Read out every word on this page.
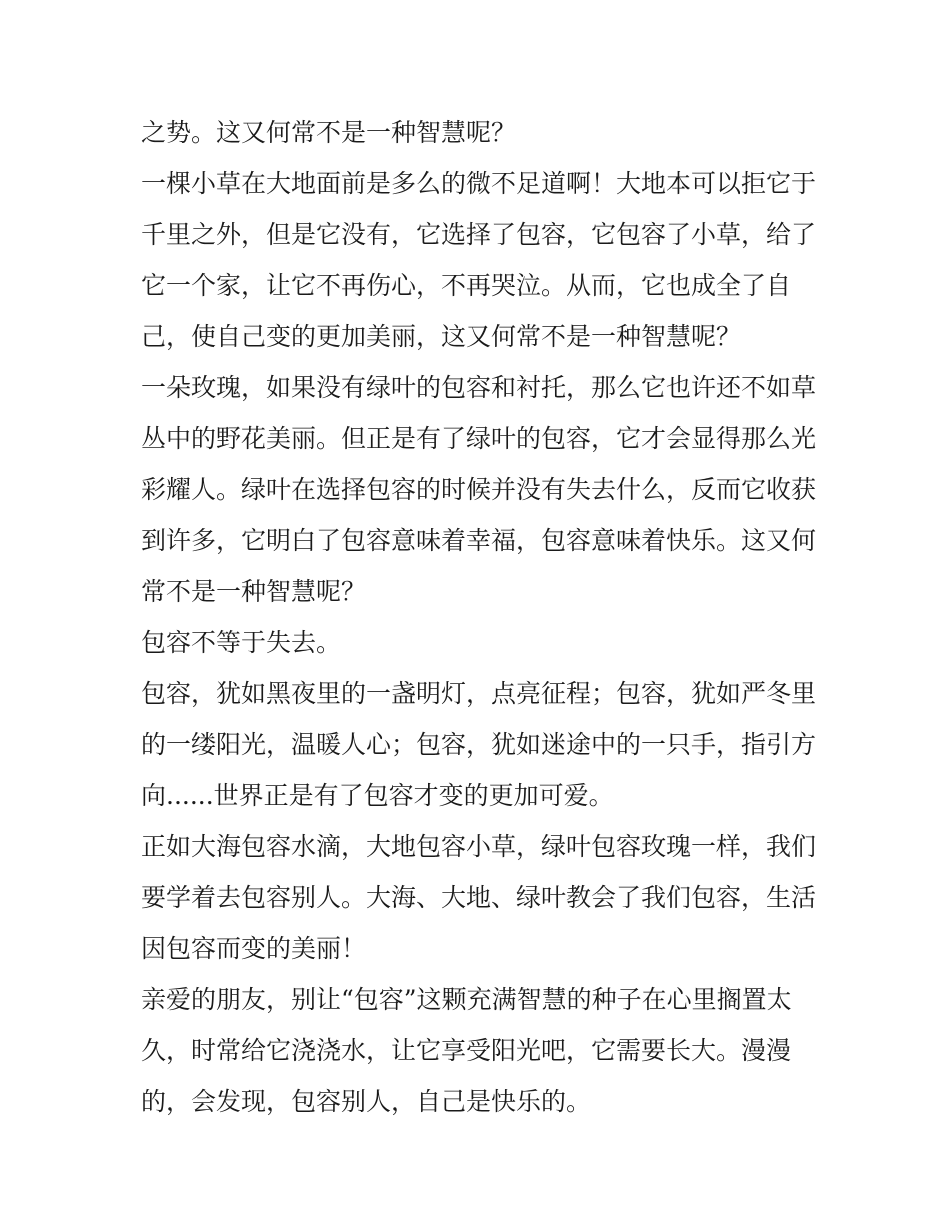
之势。这又何常不是一种智慧呢？
一棵小草在大地面前是多么的微不足道啊！大地本可以拒它于
千里之外，但是它没有，它选择了包容，它包容了小草，给了
它一个家，让它不再伤心，不再哭泣。从而，它也成全了自
己，使自己变的更加美丽，这又何常不是一种智慧呢？
一朵玫瑰，如果没有绿叶的包容和衬托，那么它也许还不如草
丛中的野花美丽。但正是有了绿叶的包容，它才会显得那么光
彩耀人。绿叶在选择包容的时候并没有失去什么，反而它收获
到许多，它明白了包容意味着幸福，包容意味着快乐。这又何
常不是一种智慧呢？
包容不等于失去。
包容，犹如黑夜里的一盏明灯，点亮征程；包容，犹如严冬里
的一缕阳光，温暖人心；包容，犹如迷途中的一只手，指引方
向......世界正是有了包容才变的更加可爱。
正如大海包容水滴，大地包容小草，绿叶包容玫瑰一样，我们
要学着去包容别人。大海、大地、绿叶教会了我们包容，生活
因包容而变的美丽！
亲爱的朋友，别让“包容”这颗充满智慧的种子在心里搁置太
久，时常给它浇浇水，让它享受阳光吧，它需要长大。漫漫
的，会发现，包容别人，自己是快乐的。
